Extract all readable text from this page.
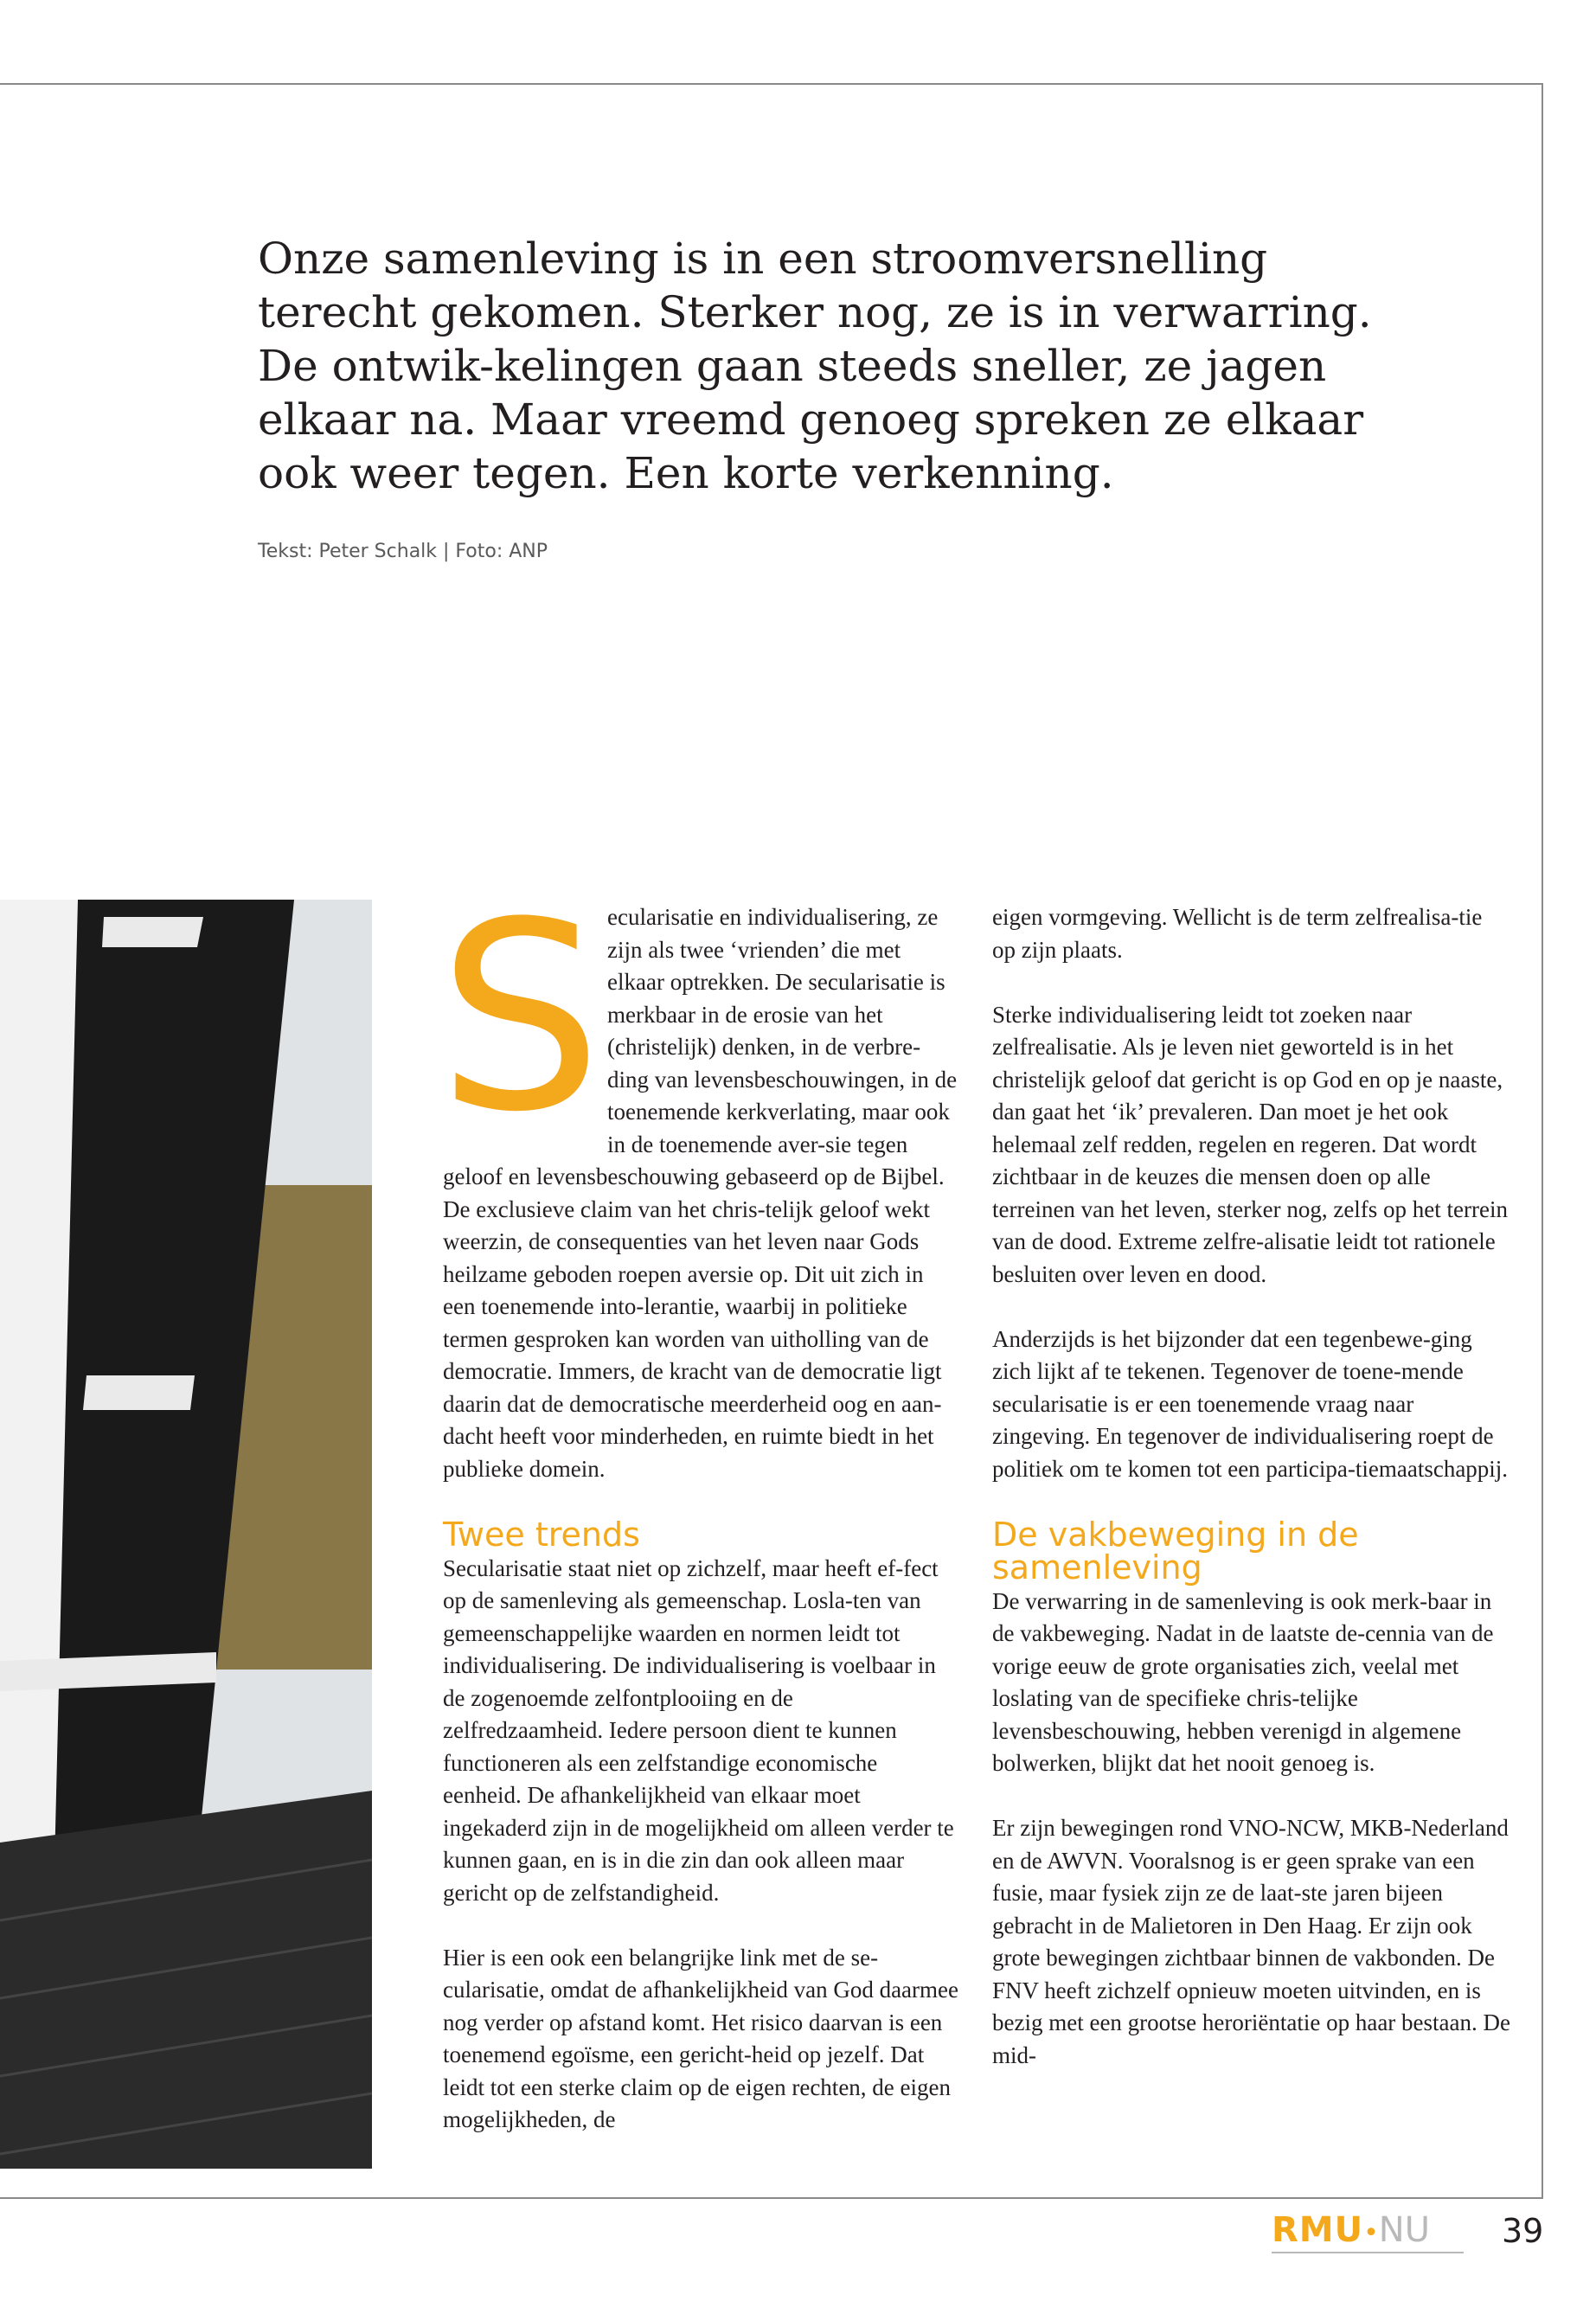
Onze samenleving is in een stroomversnelling terecht gekomen. Sterker nog, ze is in verwarring. De ontwik-kelingen gaan steeds sneller, ze jagen elkaar na. Maar vreemd genoeg spreken ze elkaar ook weer tegen. Een korte verkenning.
Tekst: Peter Schalk | Foto: ANP

Secularisatie en individualisering, ze zijn als twee ‘vrienden’ die met elkaar optrekken. De secularisatie is merkbaar in de erosie van het (christelijk) denken, in de verbre-ding van levensbeschouwingen, in de toenemende kerkverlating, maar ook in de toenemende aver-sie tegen geloof en levensbeschouwing gebaseerd op de Bijbel. De exclusieve claim van het chris-telijk geloof wekt weerzin, de consequenties van het leven naar Gods heilzame geboden roepen aversie op. Dit uit zich in een toenemende into-lerantie, waarbij in politieke termen gesproken kan worden van uitholling van de democratie. Immers, de kracht van de democratie ligt daarin dat de democratische meerderheid oog en aan-dacht heeft voor minderheden, en ruimte biedt in het publieke domein.

Twee trends

Secularisatie staat niet op zichzelf, maar heeft ef-fect op de samenleving als gemeenschap. Losla-ten van gemeenschappelijke waarden en normen leidt tot individualisering. De individualisering is voelbaar in de zogenoemde zelfontplooiing en de zelfredzaamheid. Iedere persoon dient te kunnen functioneren als een zelfstandige economische eenheid. De afhankelijkheid van elkaar moet ingekaderd zijn in de mogelijkheid om alleen verder te kunnen gaan, en is in die zin dan ook alleen maar gericht op de zelfstandigheid.

Hier is een ook een belangrijke link met de se-cularisatie, omdat de afhankelijkheid van God daarmee nog verder op afstand komt. Het risico daarvan is een toenemend egoïsme, een gericht-heid op jezelf. Dat leidt tot een sterke claim op de eigen rechten, de eigen mogelijkheden, de

eigen vormgeving. Wellicht is de term zelfrealisa-tie op zijn plaats.

Sterke individualisering leidt tot zoeken naar zelfrealisatie. Als je leven niet geworteld is in het christelijk geloof dat gericht is op God en op je naaste, dan gaat het ‘ik’ prevaleren. Dan moet je het ook helemaal zelf redden, regelen en regeren. Dat wordt zichtbaar in de keuzes die mensen doen op alle terreinen van het leven, sterker nog, zelfs op het terrein van de dood. Extreme zelfre-alisatie leidt tot rationele besluiten over leven en dood.

Anderzijds is het bijzonder dat een tegenbewe-ging zich lijkt af te tekenen. Tegenover de toene-mende secularisatie is er een toenemende vraag naar zingeving. En tegenover de individualisering roept de politiek om te komen tot een participa-tiemaatschappij.

De vakbeweging in de samenleving

De verwarring in de samenleving is ook merk-baar in de vakbeweging. Nadat in de laatste de-cennia van de vorige eeuw de grote organisaties zich, veelal met loslating van de specifieke chris-telijke levensbeschouwing, hebben verenigd in algemene bolwerken, blijkt dat het nooit genoeg is.

Er zijn bewegingen rond VNO-NCW, MKB-Nederland en de AWVN. Vooralsnog is er geen sprake van een fusie, maar fysiek zijn ze de laat-ste jaren bijeen gebracht in de Malietoren in Den Haag. Er zijn ook grote bewegingen zichtbaar binnen de vakbonden. De FNV heeft zichzelf opnieuw moeten uitvinden, en is bezig met een grootse heroriëntatie op haar bestaan. De mid-

RMU•NU 39
